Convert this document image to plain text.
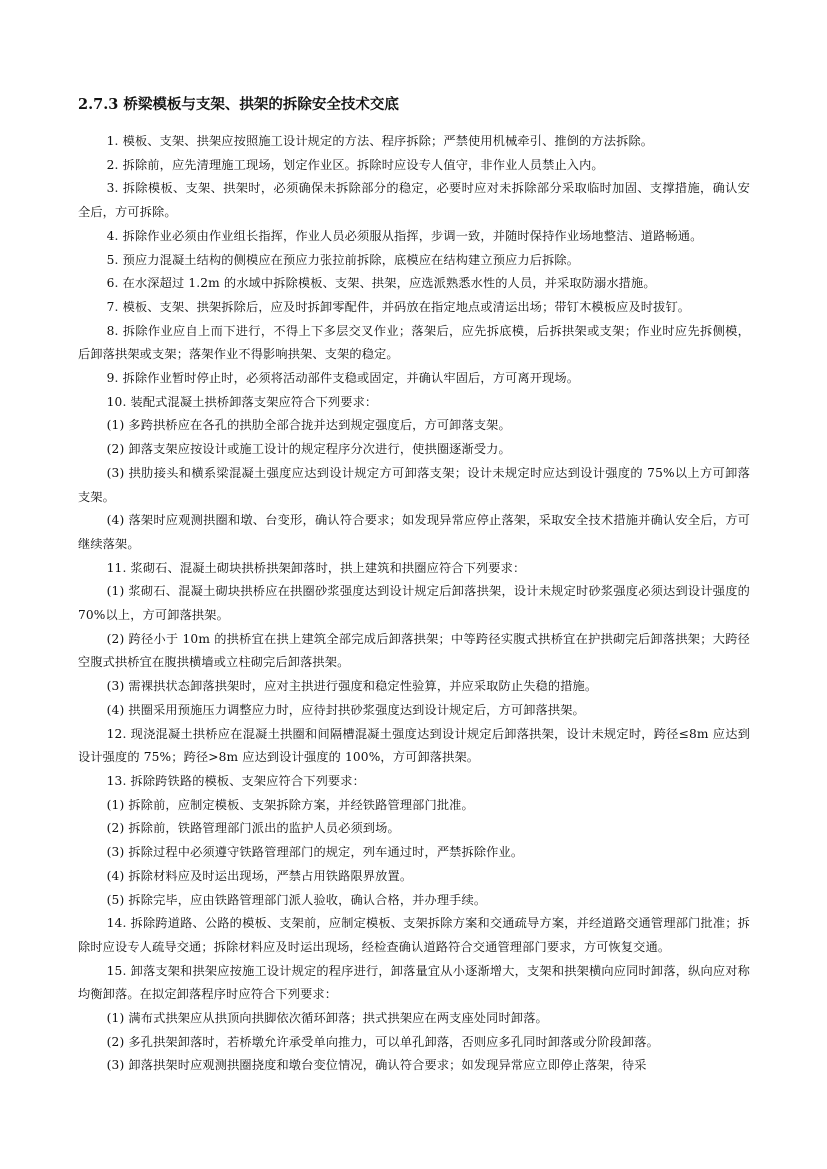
2.7.3 桥梁模板与支架、拱架的拆除安全技术交底

1. 模板、支架、拱架应按照施工设计规定的方法、程序拆除；严禁使用机械牵引、推倒的方法拆除。

2. 拆除前，应先清理施工现场，划定作业区。拆除时应设专人值守，非作业人员禁止入内。

3. 拆除模板、支架、拱架时，必须确保未拆除部分的稳定，必要时应对未拆除部分采取临时加固、支撑措施，确认安全后，方可拆除。

4. 拆除作业必须由作业组长指挥，作业人员必须服从指挥，步调一致，并随时保持作业场地整洁、道路畅通。

5. 预应力混凝土结构的侧模应在预应力张拉前拆除，底模应在结构建立预应力后拆除。

6. 在水深超过 1.2m 的水域中拆除模板、支架、拱架，应选派熟悉水性的人员，并采取防溺水措施。

7. 模板、支架、拱架拆除后，应及时拆卸零配件，并码放在指定地点或清运出场；带钉木模板应及时拔钉。

8. 拆除作业应自上而下进行，不得上下多层交叉作业；落架后，应先拆底模，后拆拱架或支架；作业时应先拆侧模，后卸落拱架或支架；落架作业不得影响拱架、支架的稳定。

9. 拆除作业暂时停止时，必须将活动部件支稳或固定，并确认牢固后，方可离开现场。

10. 装配式混凝土拱桥卸落支架应符合下列要求：

(1) 多跨拱桥应在各孔的拱肋全部合拢并达到规定强度后，方可卸落支架。

(2) 卸落支架应按设计或施工设计的规定程序分次进行，使拱圈逐渐受力。

(3) 拱肋接头和横系梁混凝土强度应达到设计规定方可卸落支架；设计未规定时应达到设计强度的 75%以上方可卸落支架。

(4) 落架时应观测拱圈和墩、台变形，确认符合要求；如发现异常应停止落架，采取安全技术措施并确认安全后，方可继续落架。

11. 浆砌石、混凝土砌块拱桥拱架卸落时，拱上建筑和拱圈应符合下列要求：

(1) 浆砌石、混凝土砌块拱桥应在拱圈砂浆强度达到设计规定后卸落拱架，设计未规定时砂浆强度必须达到设计强度的 70%以上，方可卸落拱架。

(2) 跨径小于 10m 的拱桥宜在拱上建筑全部完成后卸落拱架；中等跨径实腹式拱桥宜在护拱砌完后卸落拱架；大跨径空腹式拱桥宜在腹拱横墙或立柱砌完后卸落拱架。

(3) 需裸拱状态卸落拱架时，应对主拱进行强度和稳定性验算，并应采取防止失稳的措施。

(4) 拱圈采用预施压力调整应力时，应待封拱砂浆强度达到设计规定后，方可卸落拱架。

12. 现浇混凝土拱桥应在混凝土拱圈和间隔槽混凝土强度达到设计规定后卸落拱架，设计未规定时，跨径≤8m 应达到设计强度的 75%；跨径>8m 应达到设计强度的 100%，方可卸落拱架。

13. 拆除跨铁路的模板、支架应符合下列要求：

(1) 拆除前，应制定模板、支架拆除方案，并经铁路管理部门批准。

(2) 拆除前，铁路管理部门派出的监护人员必须到场。

(3) 拆除过程中必须遵守铁路管理部门的规定，列车通过时，严禁拆除作业。

(4) 拆除材料应及时运出现场，严禁占用铁路限界放置。

(5) 拆除完毕，应由铁路管理部门派人验收，确认合格，并办理手续。

14. 拆除跨道路、公路的模板、支架前，应制定模板、支架拆除方案和交通疏导方案，并经道路交通管理部门批准；拆除时应设专人疏导交通；拆除材料应及时运出现场，经检查确认道路符合交通管理部门要求，方可恢复交通。

15. 卸落支架和拱架应按施工设计规定的程序进行，卸落量宜从小逐渐增大，支架和拱架横向应同时卸落，纵向应对称均衡卸落。在拟定卸落程序时应符合下列要求：

(1) 满布式拱架应从拱顶向拱脚依次循环卸落；拱式拱架应在两支座处同时卸落。

(2) 多孔拱架卸落时，若桥墩允许承受单向推力，可以单孔卸落，否则应多孔同时卸落或分阶段卸落。

(3) 卸落拱架时应观测拱圈挠度和墩台变位情况，确认符合要求；如发现异常应立即停止落架，待采
